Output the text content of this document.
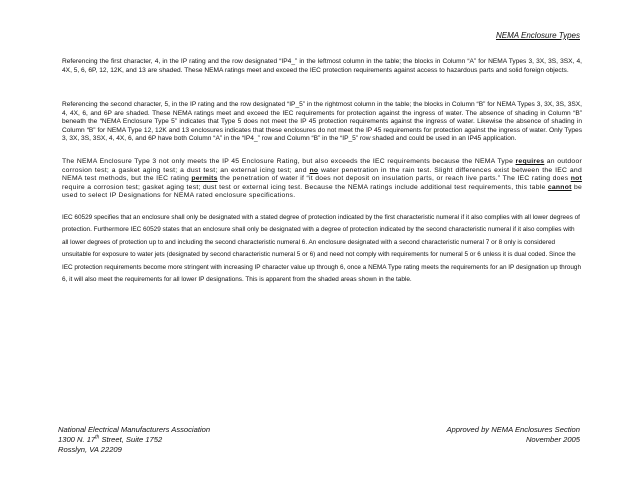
NEMA Enclosure Types

Referencing the first character, 4, in the IP rating and the row designated “IP4_” in the leftmost column in the table; the blocks in Column “A” for NEMA Types 3, 3X, 3S, 3SX, 4, 4X, 5, 6, 6P, 12, 12K, and 13 are shaded. These NEMA ratings meet and exceed the IEC protection requirements against access to hazardous parts and solid foreign objects.

Referencing the second character, 5, in the IP rating and the row designated “IP_5” in the rightmost column in the table; the blocks in Column “B” for NEMA Types 3, 3X, 3S, 3SX, 4, 4X, 6, and 6P are shaded. These NEMA ratings meet and exceed the IEC requirements for protection against the ingress of water. The absence of shading in Column “B” beneath the “NEMA Enclosure Type 5” indicates that Type 5 does not meet the IP 45 protection requirements against the ingress of water. Likewise the absence of shading in Column “B” for NEMA Type 12, 12K and 13 enclosures indicates that these enclosures do not meet the IP 45 requirements for protection against the ingress of water. Only Types 3, 3X, 3S, 3SX, 4, 4X, 6, and 6P have both Column “A” in the “IP4_” row and Column “B” in the “IP_5” row shaded and could be used in an IP45 application.

The NEMA Enclosure Type 3 not only meets the IP 45 Enclosure Rating, but also exceeds the IEC requirements because the NEMA Type requires an outdoor corrosion test; a gasket aging test; a dust test; an external icing test; and no water penetration in the rain test. Slight differences exist between the IEC and NEMA test methods, but the IEC rating permits the penetration of water if “it does not deposit on insulation parts, or reach live parts.” The IEC rating does not require a corrosion test; gasket aging test; dust test or external icing test. Because the NEMA ratings include additional test requirements, this table cannot be used to select IP Designations for NEMA rated enclosure specifications.

IEC 60529 specifies that an enclosure shall only be designated with a stated degree of protection indicated by the first characteristic numeral if it also complies with all lower degrees of protection. Furthermore IEC 60529 states that an enclosure shall only be designated with a degree of protection indicated by the second characteristic numeral if it also complies with all lower degrees of protection up to and including the second characteristic numeral 6. An enclosure designated with a second characteristic numeral 7 or 8 only is considered unsuitable for exposure to water jets (designated by second characteristic numeral 5 or 6) and need not comply with requirements for numeral 5 or 6 unless it is dual coded. Since the IEC protection requirements become more stringent with increasing IP character value up through 6, once a NEMA Type rating meets the requirements for an IP designation up through 6, it will also meet the requirements for all lower IP designations. This is apparent from the shaded areas shown in the table.

National Electrical Manufacturers Association
1300 N. 17th Street, Suite 1752
Rosslyn, VA 22209
Approved by NEMA Enclosures Section
November 2005
